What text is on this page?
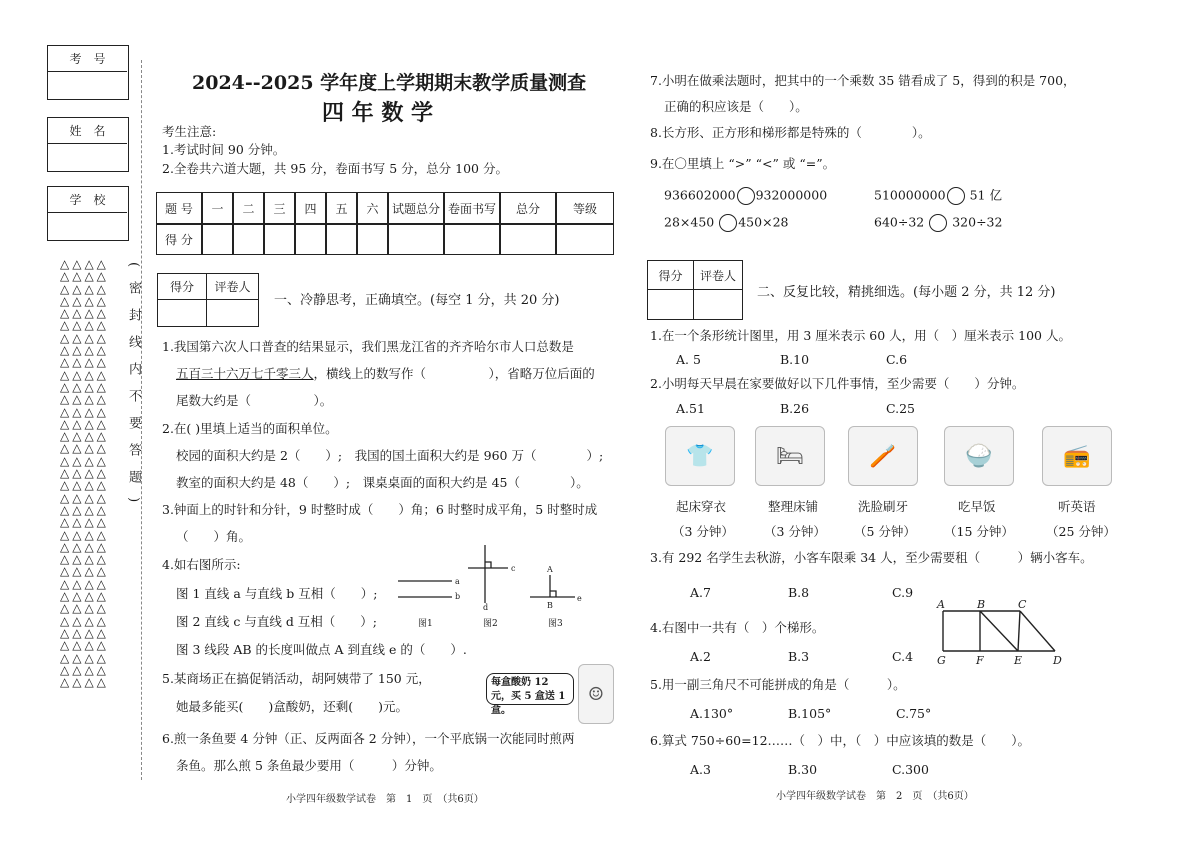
考　号
姓　名
学　校
△△△△
△△△△
△△△△
△△△△
△△△△
△△△△
△△△△
△△△△
△△△△
△△△△
△△△△
△△△△
△△△△
△△△△
△△△△
△△△△
△△△△
△△△△
△△△△
△△△△
△△△△
△△△△
△△△△
△△△△
△△△△
△△△△
△△△△
△△△△
△△△△
△△△△
△△△△
△△△△
△△△△
△△△△
△△△△
(密封线内不要答题)
2024--2025 学年度上学期期末教学质量测查
四 年 数 学
考生注意:
1.考试时间 90 分钟。
2.全卷共六道大题，共 95 分，卷面书写 5 分，总分 100 分。
题 号	一	二	三	四	五	六	试题总分 卷面书写	总分	等级
得 分
得分	评卷人
一、冷静思考，正确填空。(每空 1 分，共 20 分)
1.我国第六次人口普查的结果显示，我们黑龙江省的齐齐哈尔市人口总数是
五百三十六万七千零三人，横线上的数写作（　　　　　），省略万位后面的
尾数大约是（　　　　　）。
2.在( )里填上适当的面积单位。
校园的面积大约是 2（　　）;　我国的国土面积大约是 960 万（　　　　）;
教室的面积大约是 48（　　）;　课桌桌面的面积大约是 45（　　　　）。
3.钟面上的时针和分针，9 时整时成（　　）角；6 时整时成平角，5 时整时成
（　　）角。
4.如右图所示:
图 1 直线 a 与直线 b 互相（　　）;
图 2 直线 c 与直线 d 互相（　　）;
图 3 线段 AB 的长度叫做点 A 到直线 e 的（　　）.
a
b
c
d
A
B
e
图1	图2	图3
5.某商场正在搞促销活动，胡阿姨带了 150 元，
她最多能买(　　)盒酸奶，还剩(　　)元。
每盒酸奶 12 元，买 5 盒送 1 盒。
☺
6.煎一条鱼要 4 分钟（正、反两面各 2 分钟），一个平底锅一次能同时煎两
条鱼。那么煎 5 条鱼最少要用（　　　）分钟。
小学四年级数学试卷　第　1　页　（共6页）
7.小明在做乘法题时，把其中的一个乘数 35 错看成了 5，得到的积是 700，
正确的积应该是（　　）。
8.长方形、正方形和梯形都是特殊的（　　　　）。
9.在〇里填上 “>” “<” 或 “=”。
936602000 932000000	510000000 51 亿
28×450 450×28	640÷32 320÷32
得分	评卷人
二、反复比较，精挑细选。(每小题 2 分，共 12 分)
1.在一个条形统计图里，用 3 厘米表示 60 人，用（　）厘米表示 100 人。
A. 5	B.10	C.6
2.小明每天早晨在家要做好以下几件事情，至少需要（　　）分钟。
A.51	B.26	C.25
👕	🛏	🪥	🍚	📻
起床穿衣	整理床铺	洗脸刷牙	吃早饭	听英语
（3 分钟） （3 分钟） （5 分钟） （15 分钟）	（25 分钟）
3.有 292 名学生去秋游，小客车限乘 34 人，至少需要租（　　　）辆小客车。
A.7	B.8	C.9
4.右图中一共有（　）个梯形。
A.2	B.3	C.4
A	B	C
G	F	E	D
5.用一副三角尺不可能拼成的角是（　　　）。
A.130°	B.105°	C.75°
6.算式 750÷60=12……（　）中，（　）中应该填的数是（　　）。
A.3	B.30	C.300
小学四年级数学试卷　第　2　页　（共6页）
